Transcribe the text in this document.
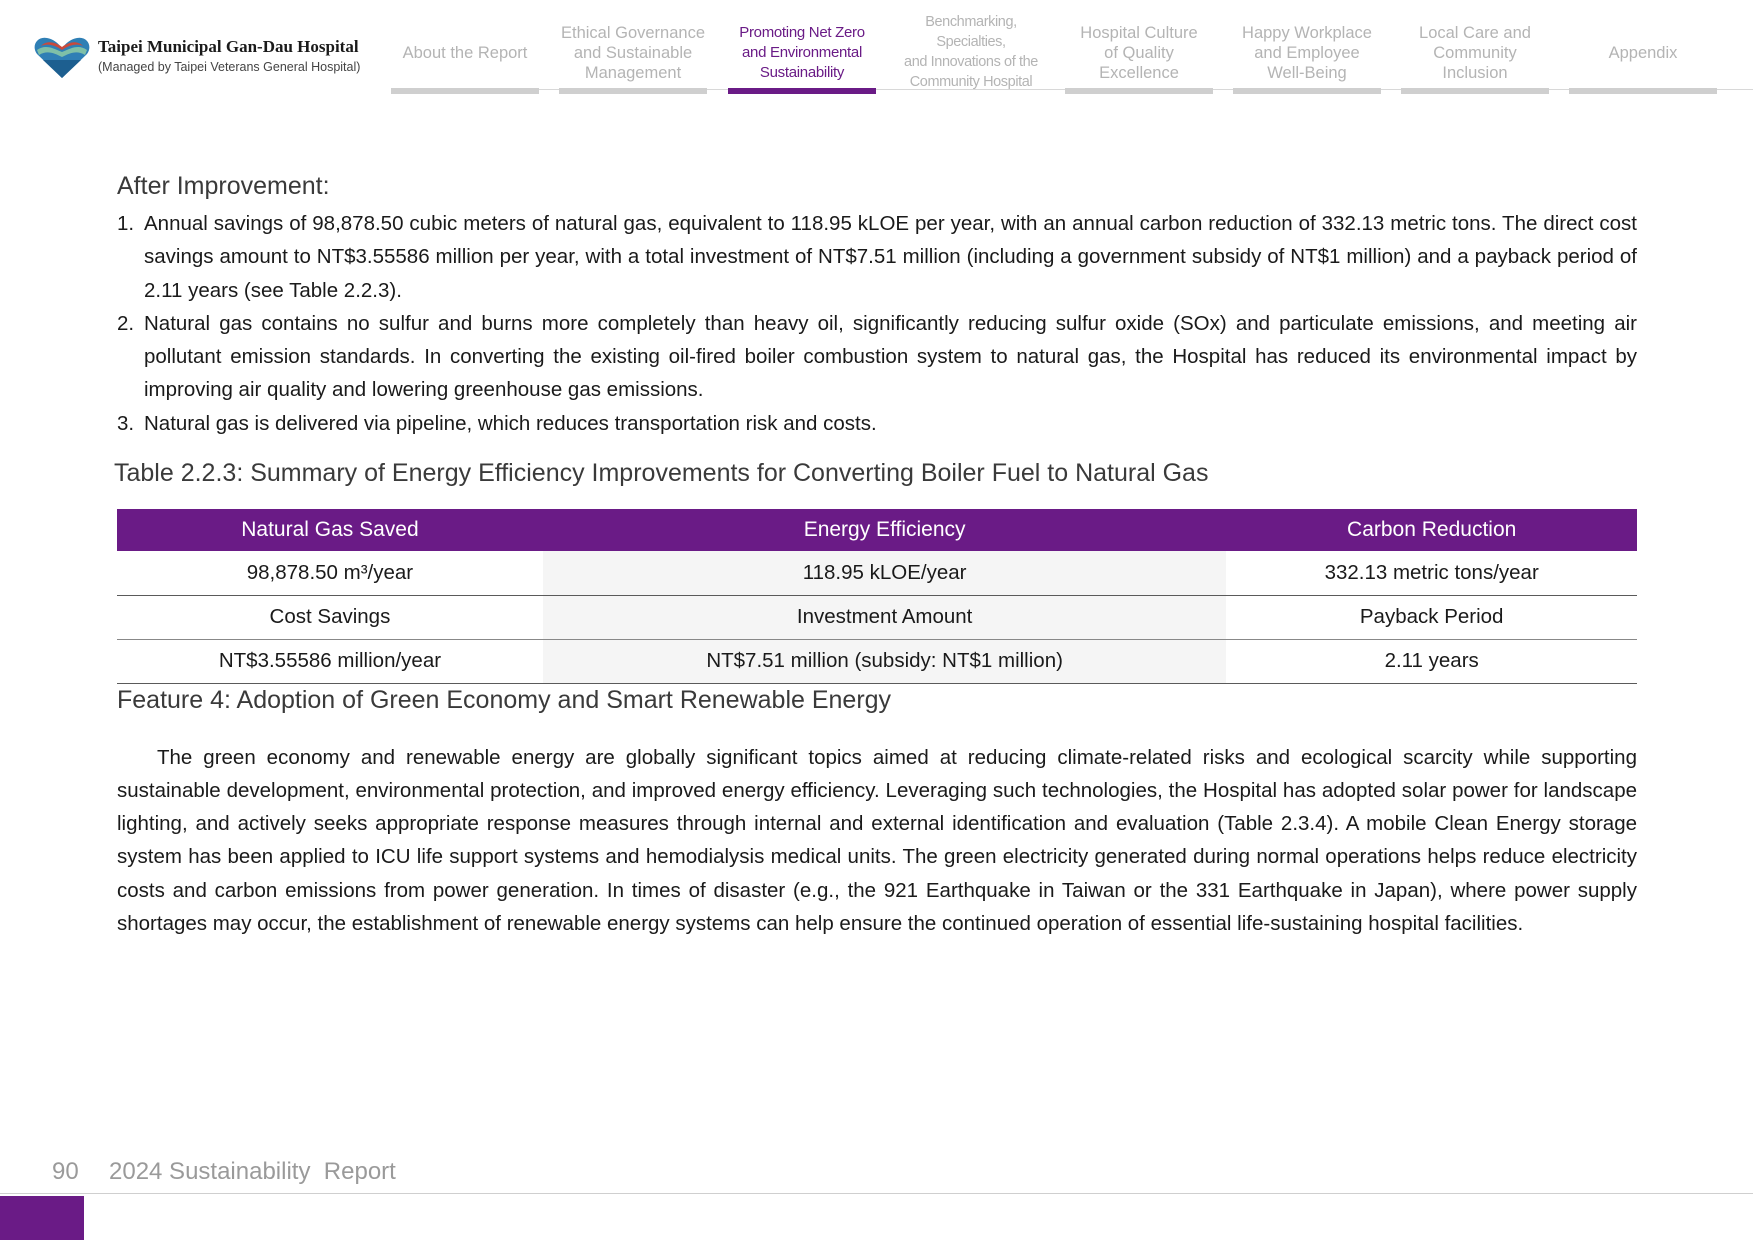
Taipei Municipal Gan-Dau Hospital
(Managed by Taipei Veterans General Hospital)
About the Report
Ethical Governance
and Sustainable
Management
Promoting Net Zero
and Environmental
Sustainability
Benchmarking, Specialties,
and Innovations of the
Community Hospital
Hospital Culture
of Quality
Excellence
Happy Workplace
and Employee
Well-Being
Local Care and
Community
Inclusion
Appendix
After Improvement:
1. Annual savings of 98,878.50 cubic meters of natural gas, equivalent to 118.95 kLOE per year, with an annual carbon reduction of 332.13 metric tons. The direct cost savings amount to NT$3.55586 million per year, with a total investment of NT$7.51 million (including a government subsidy of NT$1 million) and a payback period of 2.11 years (see Table 2.2.3).
2. Natural gas contains no sulfur and burns more completely than heavy oil, significantly reducing sulfur oxide (SOx) and particulate emissions, and meeting air pollutant emission standards. In converting the existing oil-fired boiler combustion system to natural gas, the Hospital has reduced its environmental impact by improving air quality and lowering greenhouse gas emissions.
3. Natural gas is delivered via pipeline, which reduces transportation risk and costs.
Table 2.2.3: Summary of Energy Efficiency Improvements for Converting Boiler Fuel to Natural Gas
Natural Gas Saved	Energy Efficiency	Carbon Reduction
98,878.50 m³/year	118.95 kLOE/year	332.13 metric tons/year
Cost Savings	Investment Amount	Payback Period
NT$3.55586 million/year	NT$7.51 million (subsidy: NT$1 million)	2.11 years
Feature 4: Adoption of Green Economy and Smart Renewable Energy

The green economy and renewable energy are globally significant topics aimed at reducing climate-related risks and ecological scarcity while supporting sustainable development, environmental protection, and improved energy efficiency. Leveraging such technologies, the Hospital has adopted solar power for landscape lighting, and actively seeks appropriate response measures through internal and external identification and evaluation (Table 2.3.4). A mobile Clean Energy storage system has been applied to ICU life support systems and hemodialysis medical units. The green electricity generated during normal operations helps reduce electricity costs and carbon emissions from power generation. In times of disaster (e.g., the 921 Earthquake in Taiwan or the 331 Earthquake in Japan), where power supply shortages may occur, the establishment of renewable energy systems can help ensure the continued operation of essential life-sustaining hospital facilities.

90 2024 Sustainability  Report
